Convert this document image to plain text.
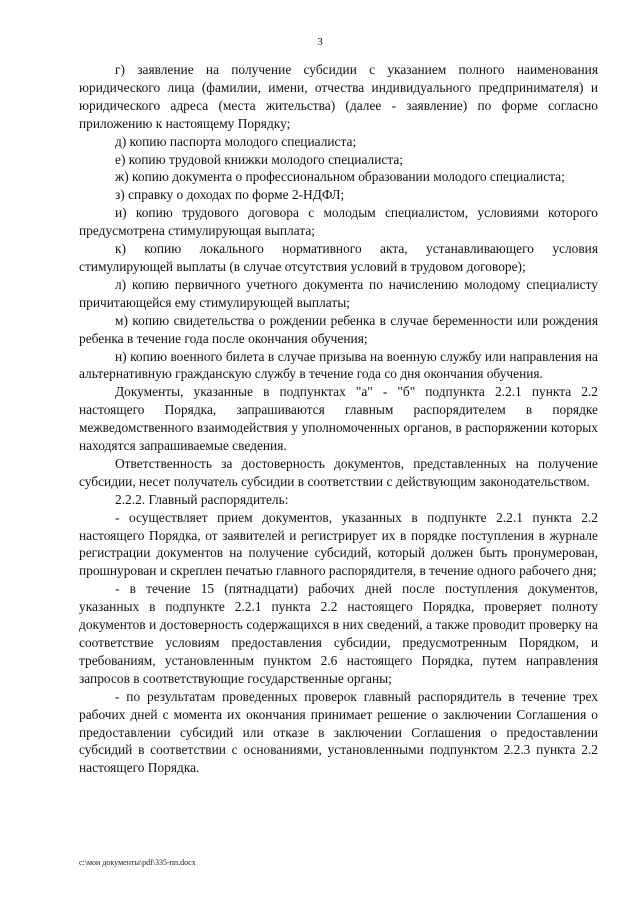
3

г) заявление на получение субсидии с указанием полного наименования юридического лица (фамилии, имени, отчества индивидуального предпринимателя) и юридического адреса (места жительства) (далее - заявление) по форме согласно приложению к настоящему Порядку;

д) копию паспорта молодого специалиста;

е) копию трудовой книжки молодого специалиста;

ж) копию документа о профессиональном образовании молодого специалиста;

з) справку о доходах по форме 2-НДФЛ;

и) копию трудового договора с молодым специалистом, условиями которого предусмотрена стимулирующая выплата;

к) копию локального нормативного акта, устанавливающего условия стимулирующей выплаты (в случае отсутствия условий в трудовом договоре);

л) копию первичного учетного документа по начислению молодому специалисту причитающейся ему стимулирующей выплаты;

м) копию свидетельства о рождении ребенка в случае беременности или рождения ребенка в течение года после окончания обучения;

н) копию военного билета в случае призыва на военную службу или направления на альтернативную гражданскую службу в течение года со дня окончания обучения.

Документы, указанные в подпунктах "а" - "б" подпункта 2.2.1 пункта 2.2 настоящего Порядка, запрашиваются главным распорядителем в порядке межведомственного взаимодействия у уполномоченных органов, в распоряжении которых находятся запрашиваемые сведения.

Ответственность за достоверность документов, представленных на получение субсидии, несет получатель субсидии в соответствии с действующим законодательством.

2.2.2. Главный распорядитель:

- осуществляет прием документов, указанных в подпункте 2.2.1 пункта 2.2 настоящего Порядка, от заявителей и регистрирует их в порядке поступления в журнале регистрации документов на получение субсидий, который должен быть пронумерован, прошнурован и скреплен печатью главного распорядителя, в течение одного рабочего дня;

- в течение 15 (пятнадцати) рабочих дней после поступления документов, указанных в подпункте 2.2.1 пункта 2.2 настоящего Порядка, проверяет полноту документов и достоверность содержащихся в них сведений, а также проводит проверку на соответствие условиям предоставления субсидии, предусмотренным Порядком, и требованиям, установленным пунктом 2.6 настоящего Порядка, путем направления запросов в соответствующие государственные органы;

- по результатам проведенных проверок главный распорядитель в течение трех рабочих дней с момента их окончания принимает решение о заключении Соглашения о предоставлении субсидий или отказе в заключении Соглашения о предоставлении субсидий в соответствии с основаниями, установленными подпунктом 2.2.3 пункта 2.2 настоящего Порядка.

c:\мои документы\pdf\335-пп.docx
